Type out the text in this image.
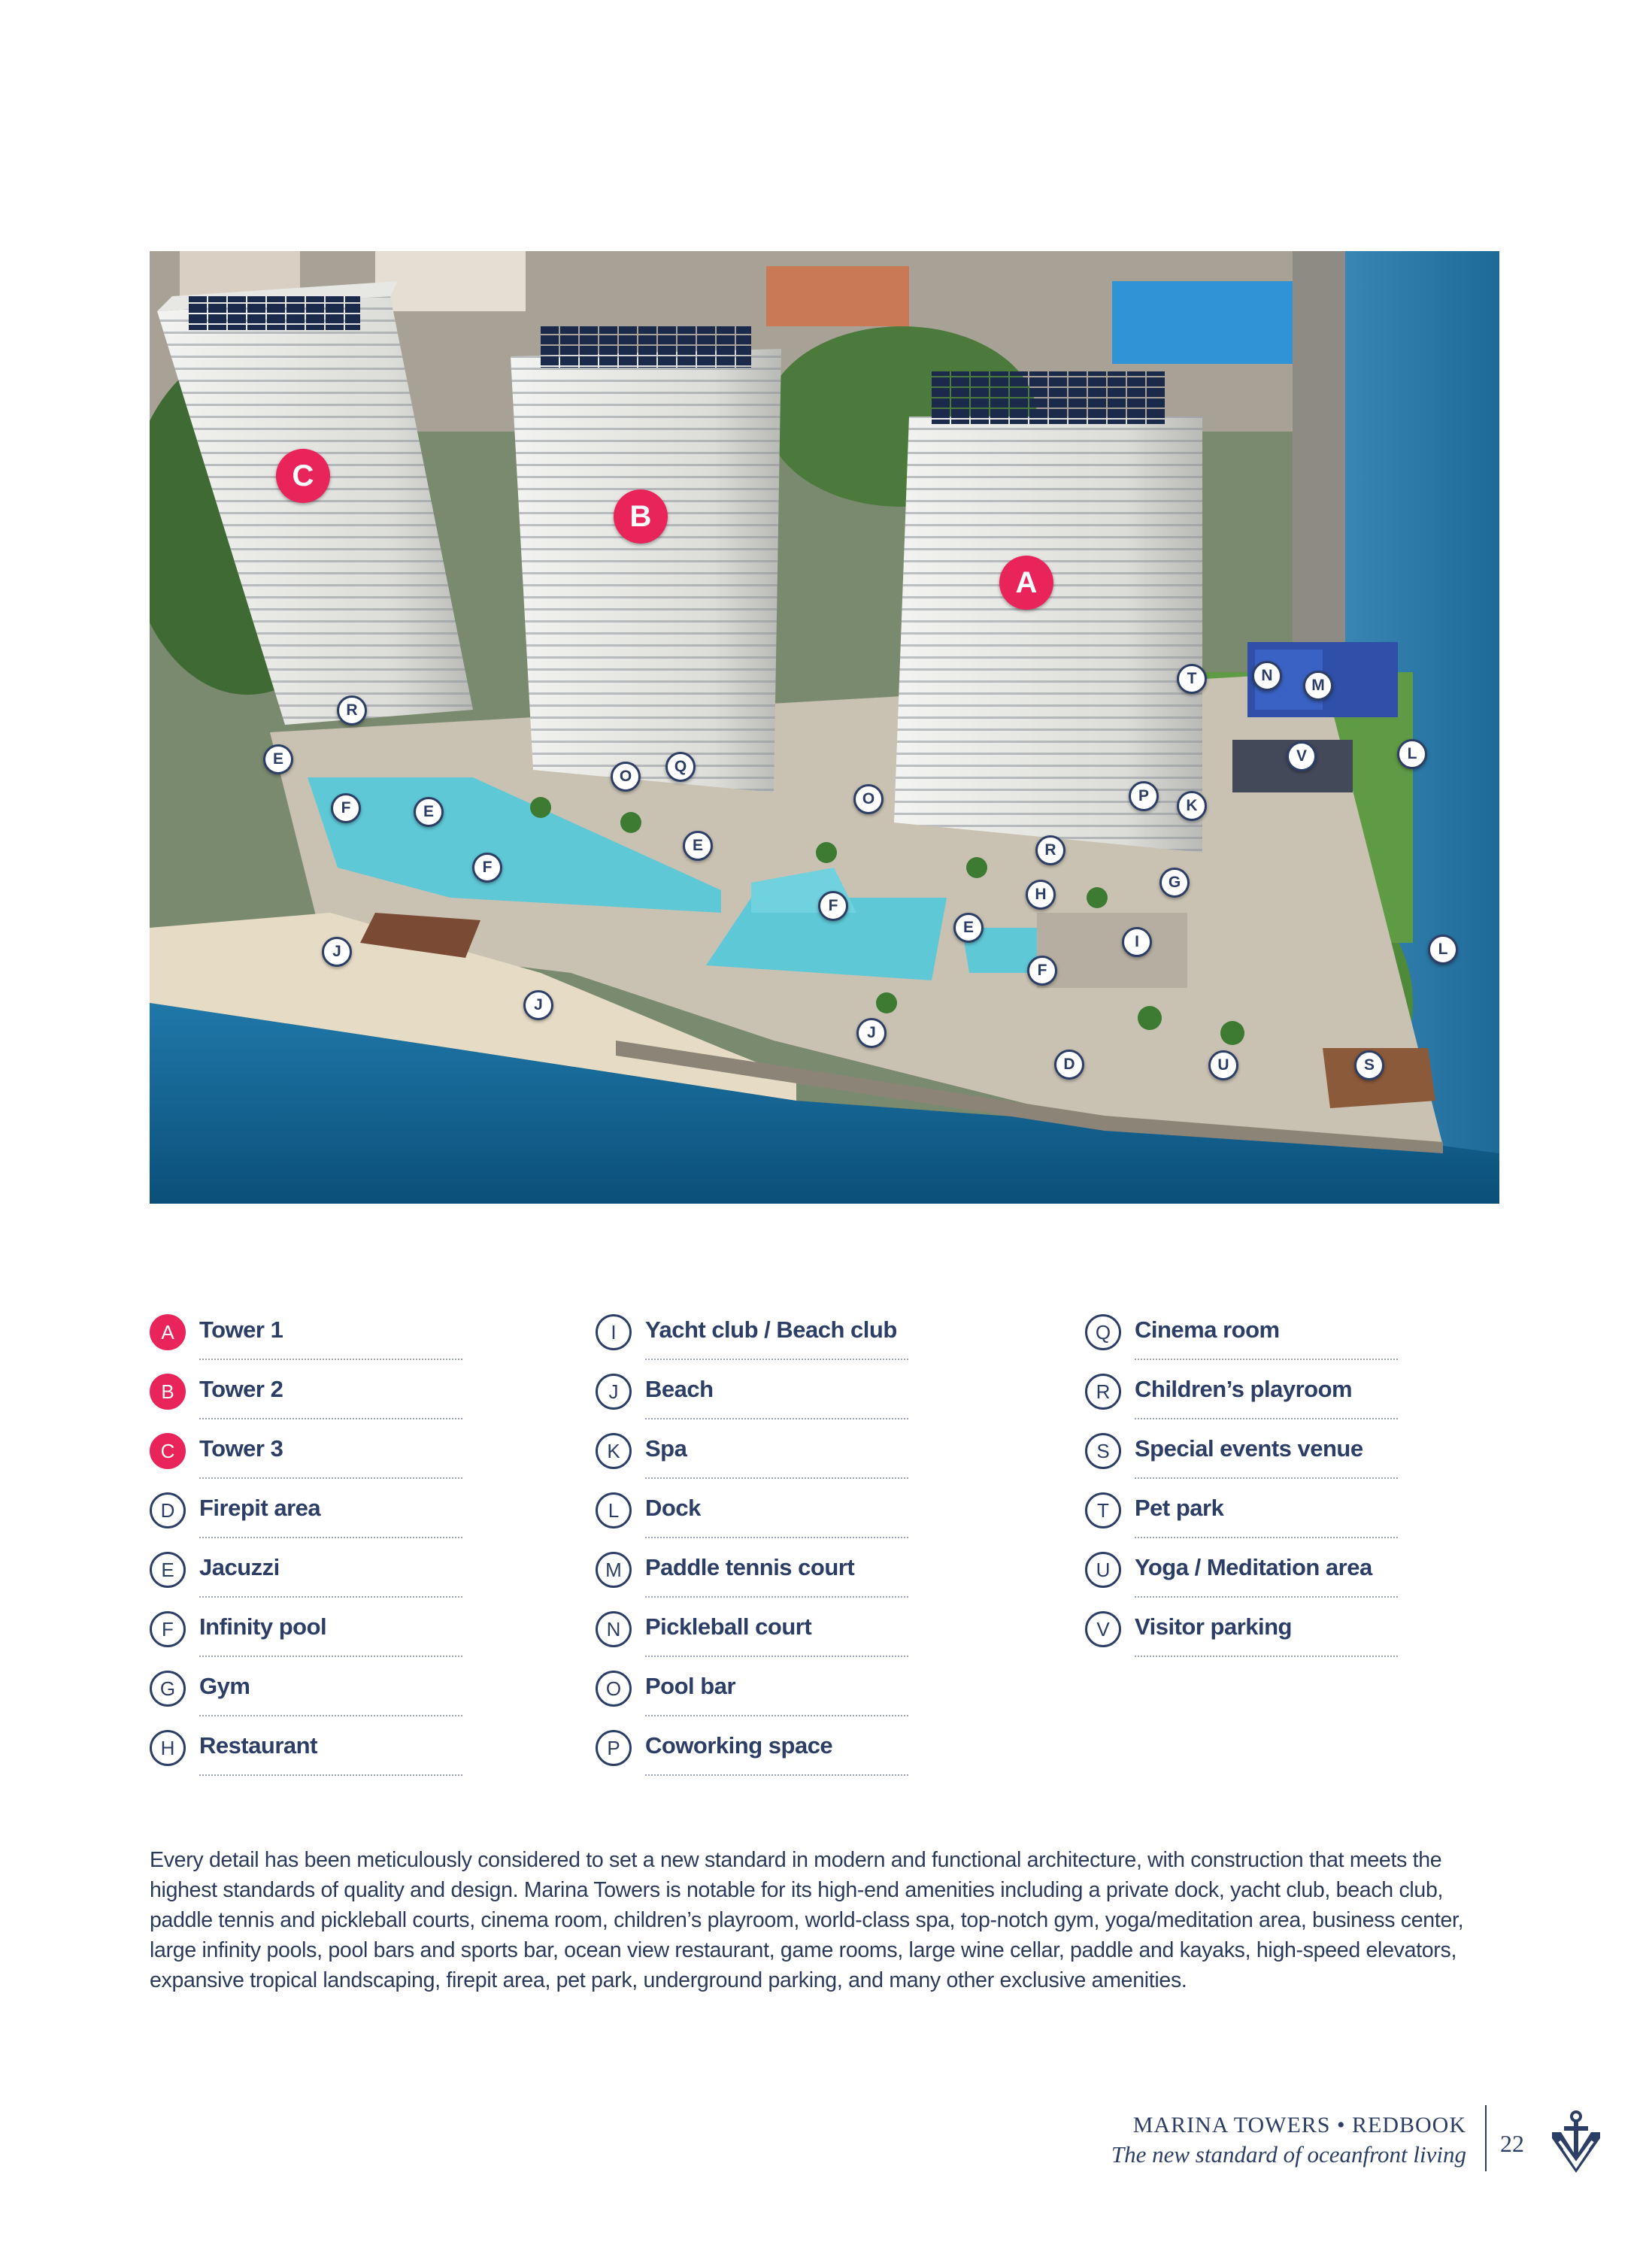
C
B
A
R
E
F	E
O
Q
O
F
E
F
J
J
E
H
F
J
D
R
P
K
G
I
T	N
M
V	L
L
U	S
A	Tower 1
B	Tower 2
C	Tower 3
D	Firepit area
E	Jacuzzi
F	Infinity pool
G	Gym
H	Restaurant
I	Yacht club / Beach club
J	Beach
K	Spa
L	Dock
M	Paddle tennis court
N	Pickleball court
O	Pool bar
P	Coworking space
Q	Cinema room
R	Children’s playroom
S	Special events venue
T	Pet park
U	Yoga / Meditation area
V	Visitor parking

Every detail has been meticulously considered to set a new standard in modern and functional architecture, with construction that meets the highest standards of quality and design. Marina Towers is notable for its high-end amenities including a private dock, yacht club, beach club, paddle tennis and pickleball courts, cinema room, children’s playroom, world-class spa, top-notch gym, yoga/meditation area, business center, large infinity pools, pool bars and sports bar, ocean view restaurant, game rooms, large wine cellar, paddle and kayaks, high-speed elevators, expansive tropical landscaping, firepit area, pet park, underground parking, and many other exclusive amenities.

MARINA TOWERS • REDBOOK
The new standard of oceanfront living 22
